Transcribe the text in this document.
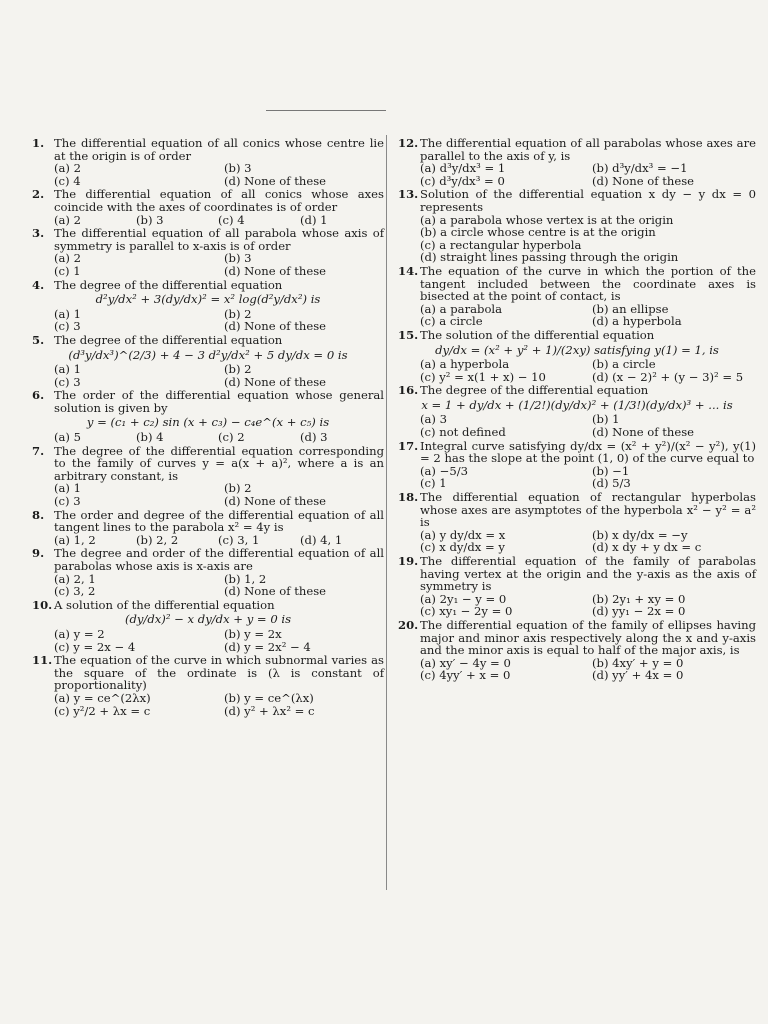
1. The differential equation of all conics whose centre lie at the origin is of order
(a) 2	(b) 3
(c) 4	(d) None of these
2. The differential equation of all conics whose axes coincide with the axes of coordinates is of order
(a) 2	(b) 3	(c) 4	(d) 1
3. The differential equation of all parabola whose axis of symmetry is parallel to x-axis is of order
(a) 2	(b) 3
(c) 1	(d) None of these
4. The degree of the differential equation
d²y/dx² + 3(dy/dx)² = x² log(d²y/dx²) is
(a) 1	(b) 2
(c) 3	(d) None of these
5. The degree of the differential equation
(d³y/dx³)^(2/3) + 4 − 3 d²y/dx² + 5 dy/dx = 0 is
(a) 1	(b) 2
(c) 3	(d) None of these
6. The order of the differential equation whose general solution is given by
y = (c₁ + c₂) sin (x + c₃) − c₄e^(x + c₅) is
(a) 5	(b) 4	(c) 2	(d) 3
7. The degree of the differential equation corresponding to the family of curves y = a(x + a)², where a is an arbitrary constant, is
(a) 1	(b) 2
(c) 3	(d) None of these
8. The order and degree of the differential equation of all tangent lines to the parabola x² = 4y is
(a) 1, 2	(b) 2, 2	(c) 3, 1	(d) 4, 1
9. The degree and order of the differential equation of all parabolas whose axis is x-axis are
(a) 2, 1	(b) 1, 2
(c) 3, 2	(d) None of these
10. A solution of the differential equation
(dy/dx)² − x dy/dx + y = 0 is
(a) y = 2	(b) y = 2x
(c) y = 2x − 4	(d) y = 2x² − 4
11. The equation of the curve in which subnormal varies as the square of the ordinate is (λ is constant of proportionality)
(a) y = ce^(2λx)	(b) y = ce^(λx)
(c) y²/2 + λx = c	(d) y² + λx² = c
12. The differential equation of all parabolas whose axes are parallel to the axis of y, is
(a) d³y/dx³ = 1	(b) d³y/dx³ = −1
(c) d³y/dx³ = 0	(d) None of these
13. Solution of the differential equation x dy − y dx = 0 represents
(a) a parabola whose vertex is at the origin
(b) a circle whose centre is at the origin
(c) a rectangular hyperbola
(d) straight lines passing through the origin
14. The equation of the curve in which the portion of the tangent included between the coordinate axes is bisected at the point of contact, is
(a) a parabola	(b) an ellipse
(c) a circle	(d) a hyperbola
15. The solution of the differential equation
dy/dx = (x² + y² + 1)/(2xy) satisfying y(1) = 1, is
(a) a hyperbola	(b) a circle
(c) y² = x(1 + x) − 10	(d) (x − 2)² + (y − 3)² = 5
16. The degree of the differential equation
x = 1 + dy/dx + (1/2!)(dy/dx)² + (1/3!)(dy/dx)³ + ... is
(a) 3	(b) 1
(c) not defined	(d) None of these
17. Integral curve satisfying dy/dx = (x² + y²)/(x² − y²), y(1) = 2 has the slope at the point (1, 0) of the curve equal to
(a) −5/3	(b) −1
(c) 1	(d) 5/3
18. The differential equation of rectangular hyperbolas whose axes are asymptotes of the hyperbola x² − y² = a² is
(a) y dy/dx = x	(b) x dy/dx = −y
(c) x dy/dx = y	(d) x dy + y dx = c
19. The differential equation of the family of parabolas having vertex at the origin and the y-axis as the axis of symmetry is
(a) 2y₁ − y = 0	(b) 2y₁ + xy = 0
(c) xy₁ − 2y = 0	(d) yy₁ − 2x = 0
20. The differential equation of the family of ellipses having major and minor axis respectively along the x and y-axis and the minor axis is equal to half of the major axis, is
(a) xy′ − 4y = 0	(b) 4xy′ + y = 0
(c) 4yy′ + x = 0	(d) yy′ + 4x = 0
